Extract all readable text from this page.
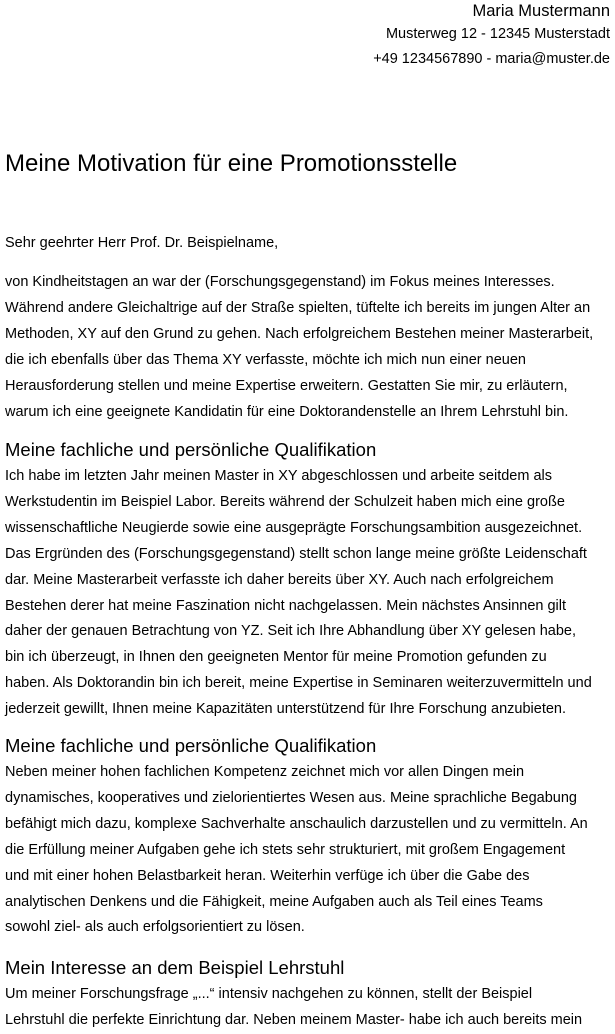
Maria Mustermann
Musterweg 12 - 12345 Musterstadt
+49 1234567890 - maria@muster.de
Meine Motivation für eine Promotionsstelle
Sehr geehrter Herr Prof. Dr. Beispielname,
von Kindheitstagen an war der (Forschungsgegenstand) im Fokus meines Interesses.
Während andere Gleichaltrige auf der Straße spielten, tüftelte ich bereits im jungen Alter an
Methoden, XY auf den Grund zu gehen. Nach erfolgreichem Bestehen meiner Masterarbeit,
die ich ebenfalls über das Thema XY verfasste, möchte ich mich nun einer neuen
Herausforderung stellen und meine Expertise erweitern. Gestatten Sie mir, zu erläutern,
warum ich eine geeignete Kandidatin für eine Doktorandenstelle an Ihrem Lehrstuhl bin.
Meine fachliche und persönliche Qualifikation
Ich habe im letzten Jahr meinen Master in XY abgeschlossen und arbeite seitdem als
Werkstudentin im Beispiel Labor. Bereits während der Schulzeit haben mich eine große
wissenschaftliche Neugierde sowie eine ausgeprägte Forschungsambition ausgezeichnet.
Das Ergründen des (Forschungsgegenstand) stellt schon lange meine größte Leidenschaft
dar. Meine Masterarbeit verfasste ich daher bereits über XY. Auch nach erfolgreichem
Bestehen derer hat meine Faszination nicht nachgelassen. Mein nächstes Ansinnen gilt
daher der genauen Betrachtung von YZ. Seit ich Ihre Abhandlung über XY gelesen habe,
bin ich überzeugt, in Ihnen den geeigneten Mentor für meine Promotion gefunden zu
haben. Als Doktorandin bin ich bereit, meine Expertise in Seminaren weiterzuvermitteln und
jederzeit gewillt, Ihnen meine Kapazitäten unterstützend für Ihre Forschung anzubieten.
Meine fachliche und persönliche Qualifikation
Neben meiner hohen fachlichen Kompetenz zeichnet mich vor allen Dingen mein
dynamisches, kooperatives und zielorientiertes Wesen aus. Meine sprachliche Begabung
befähigt mich dazu, komplexe Sachverhalte anschaulich darzustellen und zu vermitteln. An
die Erfüllung meiner Aufgaben gehe ich stets sehr strukturiert, mit großem Engagement
und mit einer hohen Belastbarkeit heran. Weiterhin verfüge ich über die Gabe des
analytischen Denkens und die Fähigkeit, meine Aufgaben auch als Teil eines Teams
sowohl ziel- als auch erfolgsorientiert zu lösen.
Mein Interesse an dem Beispiel Lehrstuhl
Um meiner Forschungsfrage „...“ intensiv nachgehen zu können, stellt der Beispiel
Lehrstuhl die perfekte Einrichtung dar. Neben meinem Master- habe ich auch bereits mein
